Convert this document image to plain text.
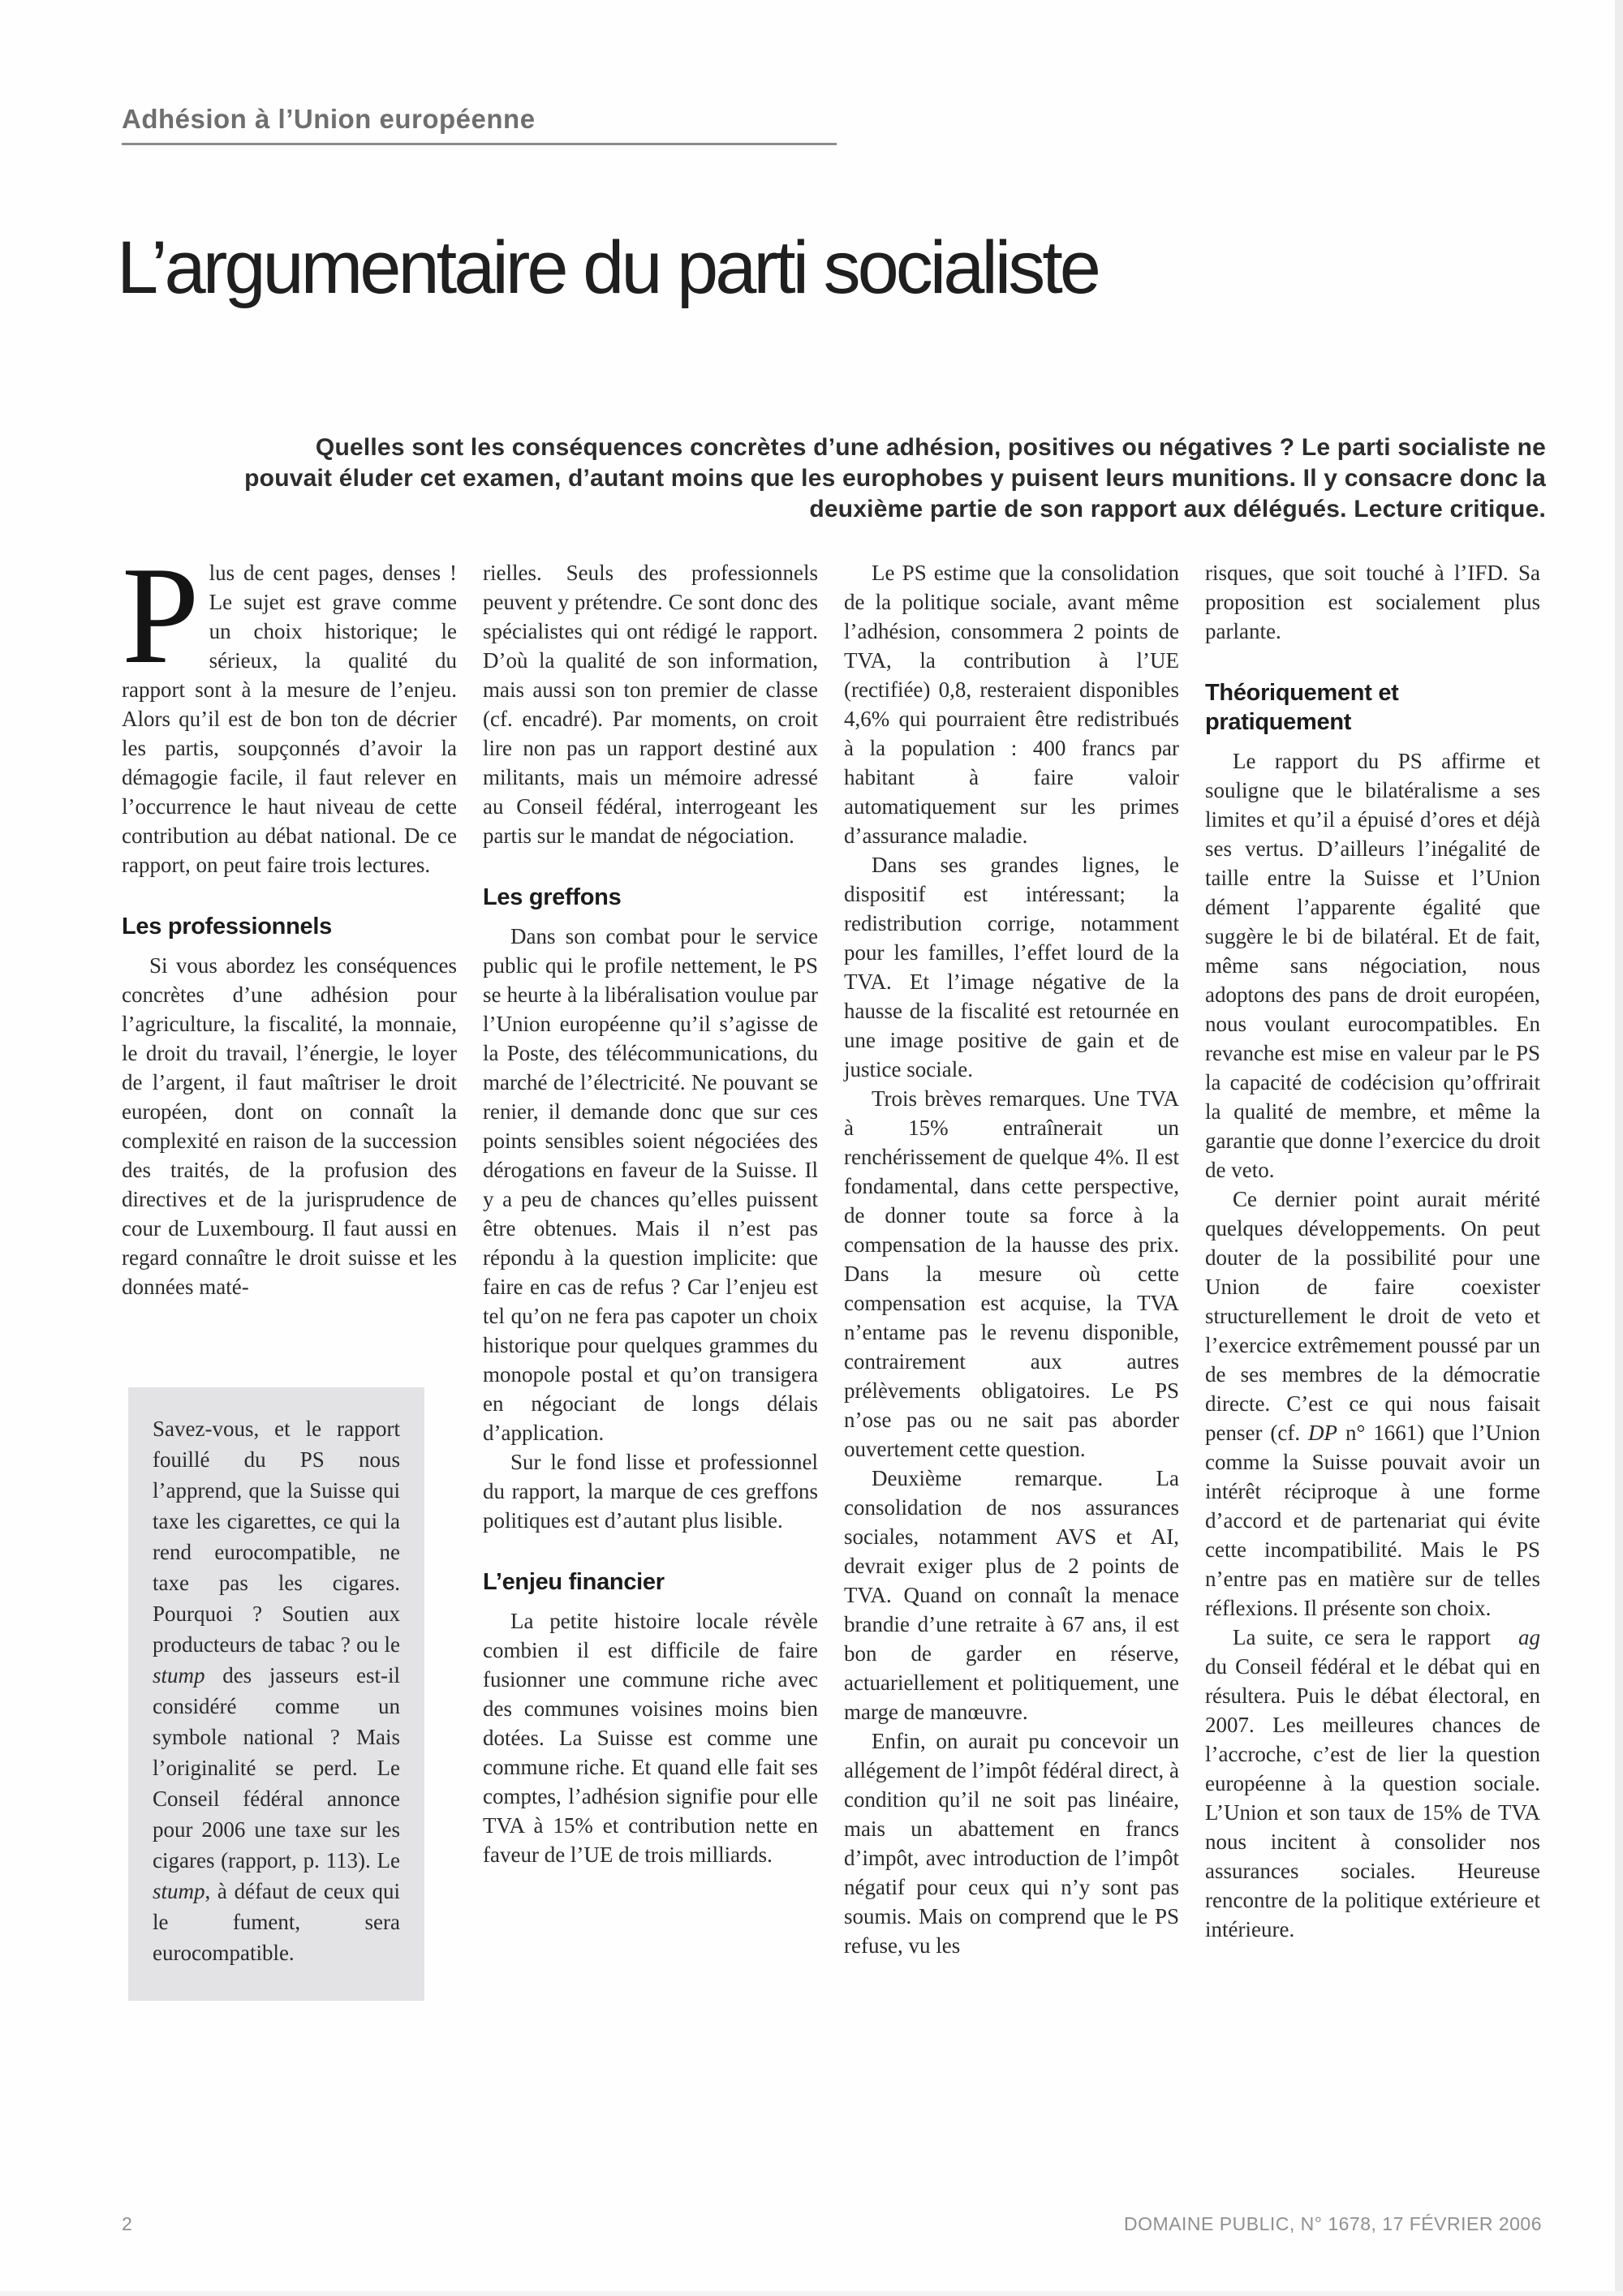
Adhésion à l’Union européenne
L’argumentaire du parti socialiste
Quelles sont les conséquences concrètes d’une adhésion, positives ou négatives ? Le parti socialiste ne pouvait éluder cet examen, d’autant moins que les europhobes y puisent leurs munitions. Il y consacre donc la deuxième partie de son rapport aux délégués. Lecture critique.

Plus de cent pages, denses ! Le sujet est grave comme un choix historique; le sérieux, la qualité du rapport sont à la mesure de l’enjeu. Alors qu’il est de bon ton de décrier les partis, soupçonnés d’avoir la démagogie facile, il faut relever en l’occurrence le haut niveau de cette contribution au débat national. De ce rapport, on peut faire trois lectures.

Les professionnels

Si vous abordez les conséquences concrètes d’une adhésion pour l’agriculture, la fiscalité, la monnaie, le droit du travail, l’énergie, le loyer de l’argent, il faut maîtriser le droit européen, dont on connaît la complexité en raison de la succession des traités, de la profusion des directives et de la jurisprudence de cour de Luxembourg. Il faut aussi en regard connaître le droit suisse et les données maté-

Savez-vous, et le rapport fouillé du PS nous l’apprend, que la Suisse qui taxe les cigarettes, ce qui la rend eurocompatible, ne taxe pas les cigares. Pourquoi ? Soutien aux producteurs de tabac ? ou le stump des jasseurs est-il considéré comme un symbole national ? Mais l’originalité se perd. Le Conseil fédéral annonce pour 2006 une taxe sur les cigares (rapport, p. 113). Le stump, à défaut de ceux qui le fument, sera eurocompatible.

rielles. Seuls des professionnels peuvent y prétendre. Ce sont donc des spécialistes qui ont rédigé le rapport. D’où la qualité de son information, mais aussi son ton premier de classe (cf. encadré). Par moments, on croit lire non pas un rapport destiné aux militants, mais un mémoire adressé au Conseil fédéral, interrogeant les partis sur le mandat de négociation.

Les greffons

Dans son combat pour le service public qui le profile nettement, le PS se heurte à la libéralisation voulue par l’Union européenne qu’il s’agisse de la Poste, des télécommunications, du marché de l’électricité. Ne pouvant se renier, il demande donc que sur ces points sensibles soient négociées des dérogations en faveur de la Suisse. Il y a peu de chances qu’elles puissent être obtenues. Mais il n’est pas répondu à la question implicite: que faire en cas de refus ? Car l’enjeu est tel qu’on ne fera pas capoter un choix historique pour quelques grammes du monopole postal et qu’on transigera en négociant de longs délais d’application.

Sur le fond lisse et professionnel du rapport, la marque de ces greffons politiques est d’autant plus lisible.

L’enjeu financier

La petite histoire locale révèle combien il est difficile de faire fusionner une commune riche avec des communes voisines moins bien dotées. La Suisse est comme une commune riche. Et quand elle fait ses comptes, l’adhésion signifie pour elle TVA à 15% et contribution nette en faveur de l’UE de trois milliards.

Le PS estime que la consolidation de la politique sociale, avant même l’adhésion, consommera 2 points de TVA, la contribution à l’UE (rectifiée) 0,8, resteraient disponibles 4,6% qui pourraient être redistribués à la population : 400 francs par habitant à faire valoir automatiquement sur les primes d’assurance maladie.

Dans ses grandes lignes, le dispositif est intéressant; la redistribution corrige, notamment pour les familles, l’effet lourd de la TVA. Et l’image négative de la hausse de la fiscalité est retournée en une image positive de gain et de justice sociale.

Trois brèves remarques. Une TVA à 15% entraînerait un renchérissement de quelque 4%. Il est fondamental, dans cette perspective, de donner toute sa force à la compensation de la hausse des prix. Dans la mesure où cette compensation est acquise, la TVA n’entame pas le revenu disponible, contrairement aux autres prélèvements obligatoires. Le PS n’ose pas ou ne sait pas aborder ouvertement cette question.

Deuxième remarque. La consolidation de nos assurances sociales, notamment AVS et AI, devrait exiger plus de 2 points de TVA. Quand on connaît la menace brandie d’une retraite à 67 ans, il est bon de garder en réserve, actuariellement et politiquement, une marge de manœuvre.

Enfin, on aurait pu concevoir un allégement de l’impôt fédéral direct, à condition qu’il ne soit pas linéaire, mais un abattement en francs d’impôt, avec introduction de l’impôt négatif pour ceux qui n’y sont pas soumis. Mais on comprend que le PS refuse, vu les

risques, que soit touché à l’IFD. Sa proposition est socialement plus parlante.

Théoriquement et pratiquement

Le rapport du PS affirme et souligne que le bilatéralisme a ses limites et qu’il a épuisé d’ores et déjà ses vertus. D’ailleurs l’inégalité de taille entre la Suisse et l’Union dément l’apparente égalité que suggère le bi de bilatéral. Et de fait, même sans négociation, nous adoptons des pans de droit européen, nous voulant eurocompatibles. En revanche est mise en valeur par le PS la capacité de codécision qu’offrirait la qualité de membre, et même la garantie que donne l’exercice du droit de veto.

Ce dernier point aurait mérité quelques développements. On peut douter de la possibilité pour une Union de faire coexister structurellement le droit de veto et l’exercice extrêmement poussé par un de ses membres de la démocratie directe. C’est ce qui nous faisait penser (cf. DP n° 1661) que l’Union comme la Suisse pouvait avoir un intérêt réciproque à une forme d’accord et de partenariat qui évite cette incompatibilité. Mais le PS n’entre pas en matière sur de telles réflexions. Il présente son choix.

ag
La suite, ce sera le rapport du Conseil fédéral et le débat qui en résultera. Puis le débat électoral, en 2007. Les meilleures chances de l’accroche, c’est de lier la question européenne à la question sociale. L’Union et son taux de 15% de TVA nous incitent à consolider nos assurances sociales. Heureuse rencontre de la politique extérieure et intérieure.

2	DOMAINE PUBLIC, N° 1678, 17 FÉVRIER 2006
